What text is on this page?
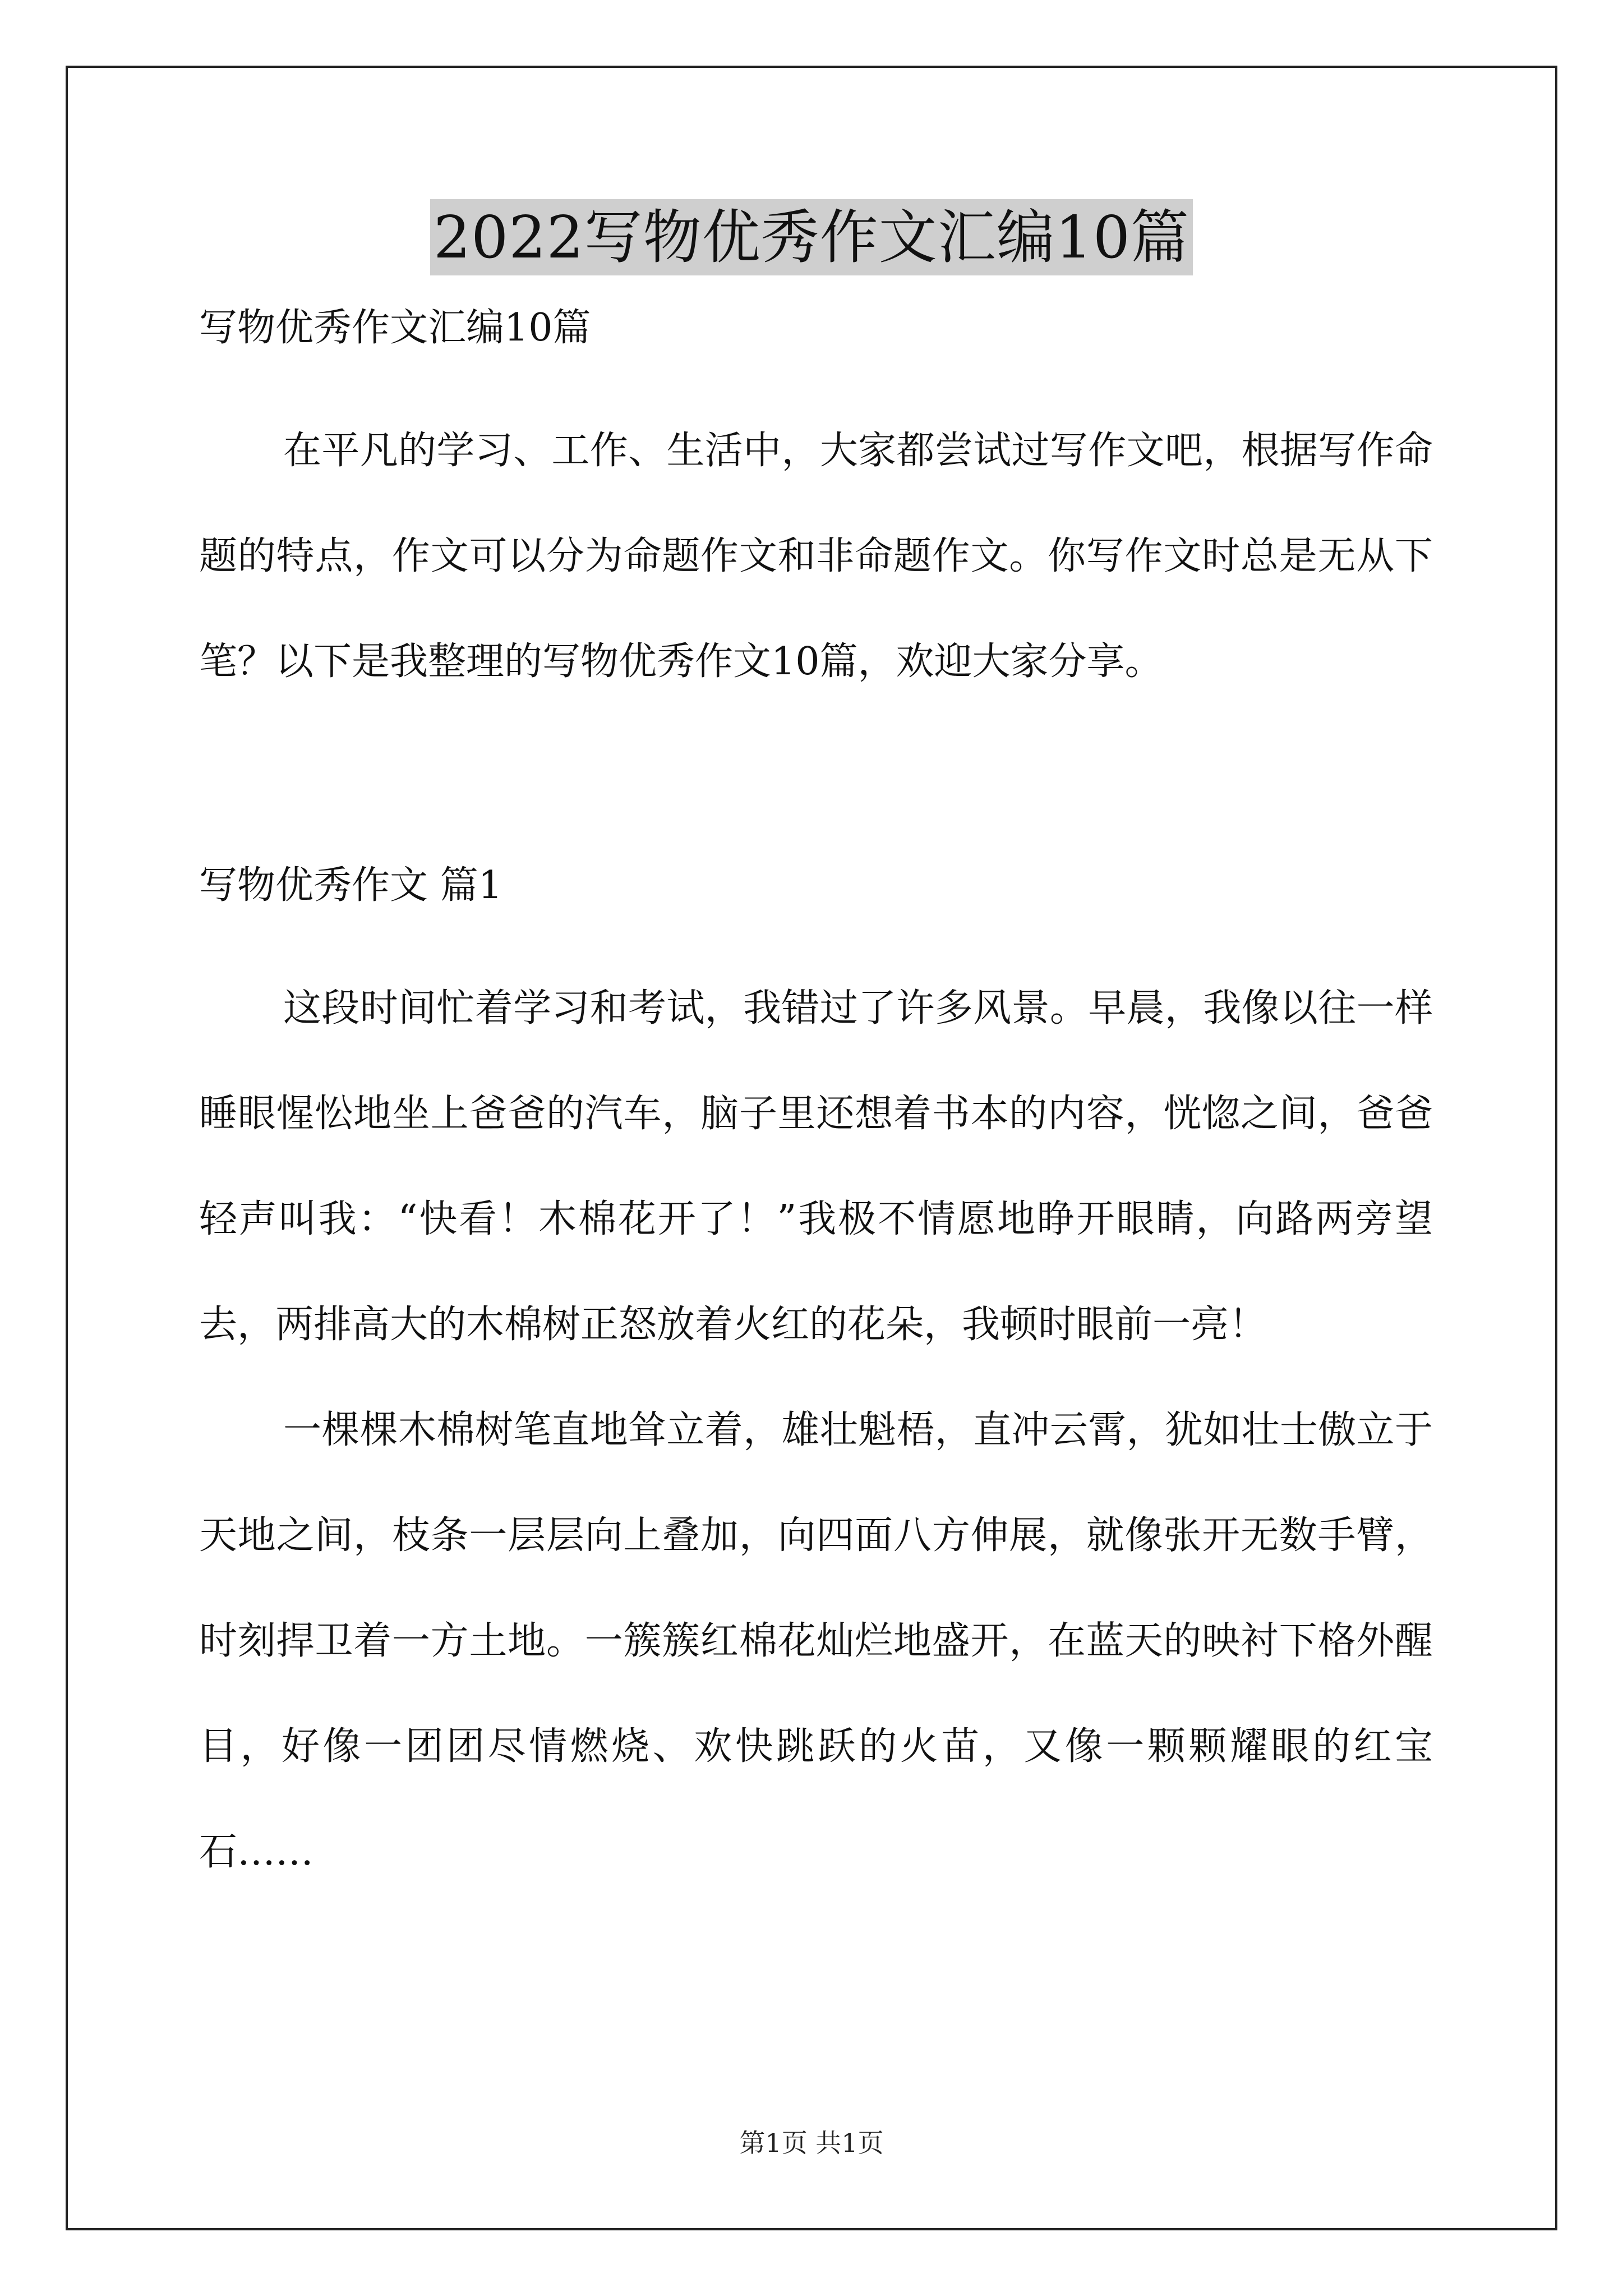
2022写物优秀作文汇编10篇

写物优秀作文汇编10篇

在平凡的学习、工作、生活中，大家都尝试过写作文吧，根据写作命题的特点，作文可以分为命题作文和非命题作文。你写作文时总是无从下笔？以下是我整理的写物优秀作文10篇，欢迎大家分享。

写物优秀作文 篇1

这段时间忙着学习和考试，我错过了许多风景。早晨，我像以往一样睡眼惺忪地坐上爸爸的汽车，脑子里还想着书本的内容，恍惚之间，爸爸轻声叫我：“快看！木棉花开了！”我极不情愿地睁开眼睛，向路两旁望去，两排高大的木棉树正怒放着火红的花朵，我顿时眼前一亮！

一棵棵木棉树笔直地耸立着，雄壮魁梧，直冲云霄，犹如壮士傲立于天地之间，枝条一层层向上叠加，向四面八方伸展，就像张开无数手臂，时刻捍卫着一方土地。一簇簇红棉花灿烂地盛开，在蓝天的映衬下格外醒目，好像一团团尽情燃烧、欢快跳跃的火苗，又像一颗颗耀眼的红宝石……

第1页 共1页
